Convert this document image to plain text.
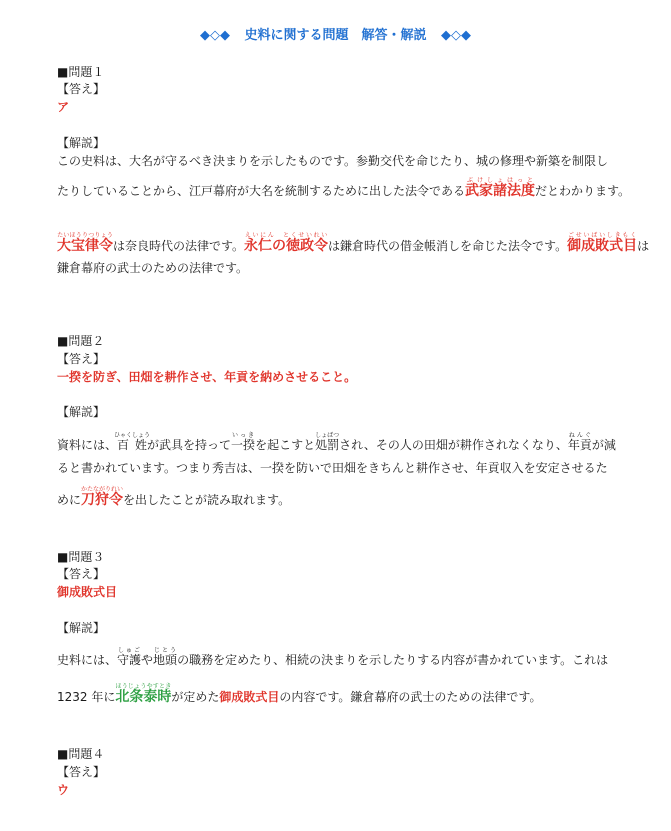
◆◇◆ 史料に関する問題　解答・解説 ◆◇◆
■問題１
【答え】
ア
【解説】
この史料は、大名が守るべき決まりを示したものです。参勤交代を命じたり、城の修理や新築を制限し
たりしていることから、江戸幕府が大名を統制するために出した法令である武家諸法度ぶけしょはっとだとわかります。
大宝律令たいほうりつりょうは奈良時代の法律です。永仁の徳政令えいにん　とくせいれいは鎌倉時代の借金帳消しを命じた法令です。御成敗式目ごせいばいしきもくは
鎌倉幕府の武士のための法律です。
■問題２
【答え】
一揆を防ぎ、田畑を耕作させ、年貢を納めさせること。
【解説】
資料には、百姓ひゃくしょうが武具を持って一揆いっきを起こすと処罰しょばつされ、その人の田畑が耕作されなくなり、年貢ねんぐが減
ると書かれています。つまり秀吉は、一揆を防いで田畑をきちんと耕作させ、年貢収入を安定させるた
めに刀狩令かたながりれいを出したことが読み取れます。
■問題３
【答え】
御成敗式目
【解説】
史料には、守護しゅごや地頭じとうの職務を定めたり、相続の決まりを示したりする内容が書かれています。これは
1232 年に北条泰時ほうじょうやすときが定めた御成敗式目の内容です。鎌倉幕府の武士のための法律です。
■問題４
【答え】
ウ
